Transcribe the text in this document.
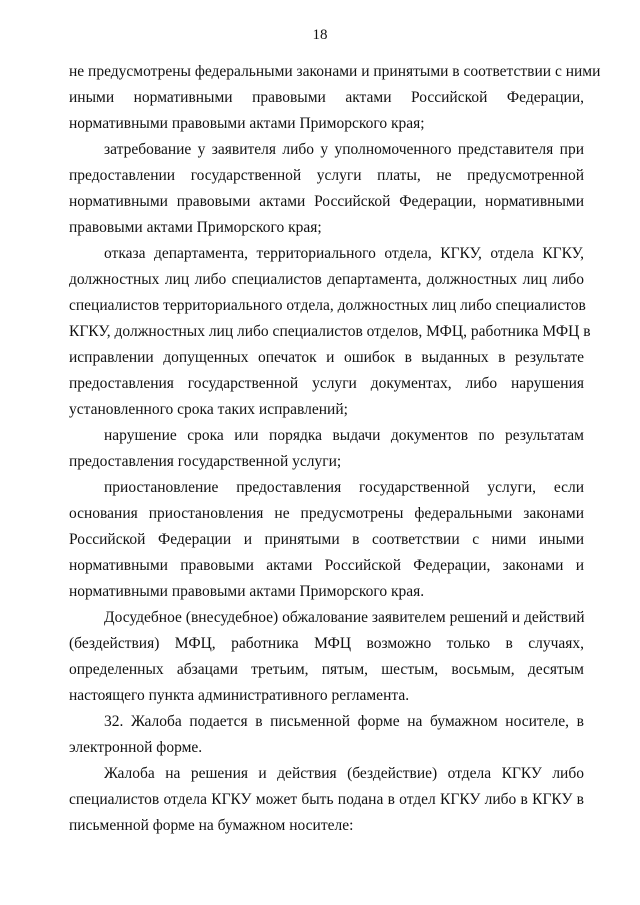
18
не предусмотрены федеральными законами и принятыми в соответствии с ними
иными нормативными правовыми актами Российской Федерации,
нормативными правовыми актами Приморского края;
затребование у заявителя либо у уполномоченного представителя при
предоставлении государственной услуги платы, не предусмотренной
нормативными правовыми актами Российской Федерации, нормативными
правовыми актами Приморского края;
отказа департамента, территориального отдела, КГКУ, отдела КГКУ,
должностных лиц либо специалистов департамента, должностных лиц либо
специалистов территориального отдела, должностных лиц либо специалистов
КГКУ, должностных лиц либо специалистов отделов, МФЦ, работника МФЦ в
исправлении допущенных опечаток и ошибок в выданных в результате
предоставления государственной услуги документах, либо нарушения
установленного срока таких исправлений;
нарушение срока или порядка выдачи документов по результатам
предоставления государственной услуги;
приостановление предоставления государственной услуги, если
основания приостановления не предусмотрены федеральными законами
Российской Федерации и принятыми в соответствии с ними иными
нормативными правовыми актами Российской Федерации, законами и
нормативными правовыми актами Приморского края.
Досудебное (внесудебное) обжалование заявителем решений и действий
(бездействия) МФЦ, работника МФЦ возможно только в случаях,
определенных абзацами третьим, пятым, шестым, восьмым, десятым
настоящего пункта административного регламента.
32. Жалоба подается в письменной форме на бумажном носителе, в
электронной форме.
Жалоба на решения и действия (бездействие) отдела КГКУ либо
специалистов отдела КГКУ может быть подана в отдел КГКУ либо в КГКУ в
письменной форме на бумажном носителе:
